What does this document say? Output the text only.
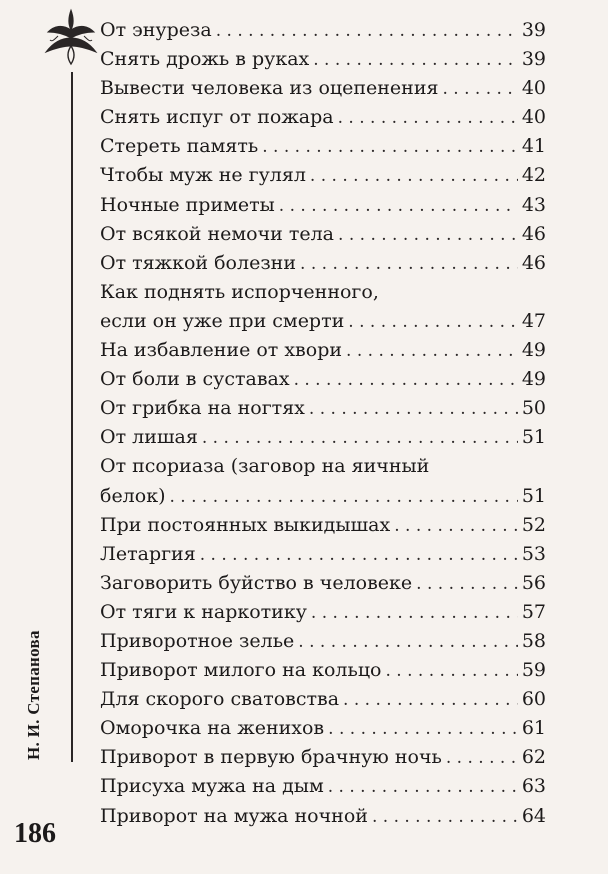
Н. И. Степанова
186
От энуреза . . .	39
Снять дрожь в руках . . .	39
Вывести человека из оцепенения . . .	40
Снять испуг от пожара . . .	40
Стереть память . . .	41
Чтобы муж не гулял . . .	42
Ночные приметы . . .	43
От всякой немочи тела . . .	46
От тяжкой болезни . . .	46
Как поднять испорченного,
если он уже при смерти . . .	47
На избавление от хвори . . .	49
От боли в суставах . . .	49
От грибка на ногтях . . .	50
От лишая . . .	51
От псориаза (заговор на яичный
белок) . . .	51
При постоянных выкидышах . . .	52
Летаргия . . .	53
Заговорить буйство в человеке . . .	56
От тяги к наркотику . . .	57
Приворотное зелье . . .	58
Приворот милого на кольцо . . .	59
Для скорого сватовства . . .	60
Оморочка на женихов . . .	61
Приворот в первую брачную ночь . . .	62
Присуха мужа на дым . . .	63
Приворот на мужа ночной . . .	64
